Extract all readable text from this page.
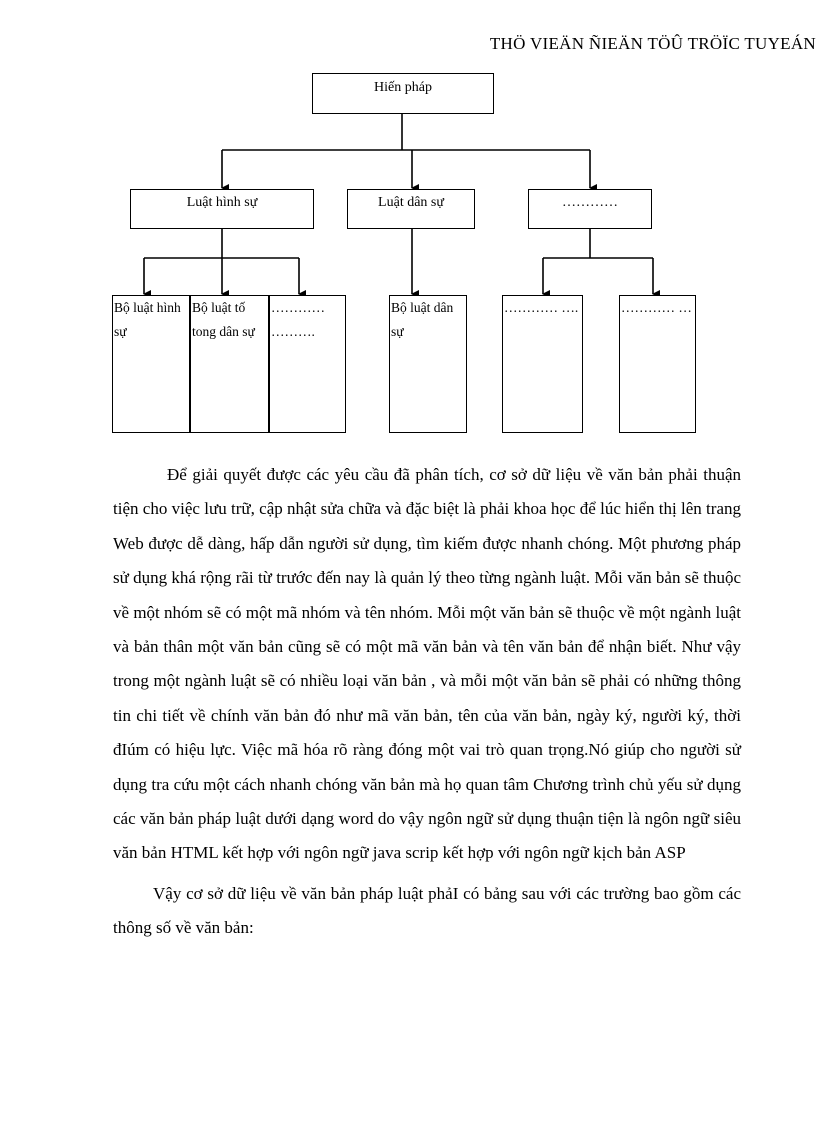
THÖ VIEÄN ÑIEÄN TÖÛ TRÖÏC TUYEÁN
Hiến pháp
Luật hình sự	Luật dân sự	…………
Bộ luật hình sự
Bộ luật tố tong dân sự
………… ……….
Bộ luật dân sự
………… ….	………… …

Để giải quyết được các yêu cầu đã phân tích, cơ sở dữ liệu về văn bản phải thuận tiện cho việc lưu trữ, cập nhật sửa chữa và đặc biệt là phải khoa học để lúc hiển thị lên trang Web được dễ dàng, hấp dẫn người sử dụng, tìm kiếm được nhanh chóng. Một phương pháp sử dụng khá rộng rãi từ trước đến nay là quản lý theo từng ngành luật. Mỗi văn bản sẽ thuộc về một nhóm sẽ có một mã nhóm và tên nhóm. Mỗi một văn bản sẽ thuộc về một ngành luật và bản thân một văn bản cũng sẽ có một mã văn bản và tên văn bản để nhận biết. Như vậy trong một ngành luật sẽ có nhiều loại văn bản , và mỗi một văn bản sẽ phải có những thông tin chi tiết về chính văn bản đó như mã văn bản, tên của văn bản, ngày ký, người ký, thời đIúm có hiệu lực. Việc mã hóa rõ ràng đóng một vai trò quan trọng.Nó giúp cho người sử dụng tra cứu một cách nhanh chóng văn bản mà họ quan tâm Chương trình chủ yếu sử dụng các văn bản pháp luật dưới dạng word do vậy ngôn ngữ sử dụng thuận tiện là ngôn ngữ siêu văn bản HTML kết hợp với ngôn ngữ java scrip kết hợp với ngôn ngữ kịch bản ASP

Vậy cơ sở dữ liệu về văn bản pháp luật phảI có bảng sau với các trường bao gồm các thông số về văn bản:
